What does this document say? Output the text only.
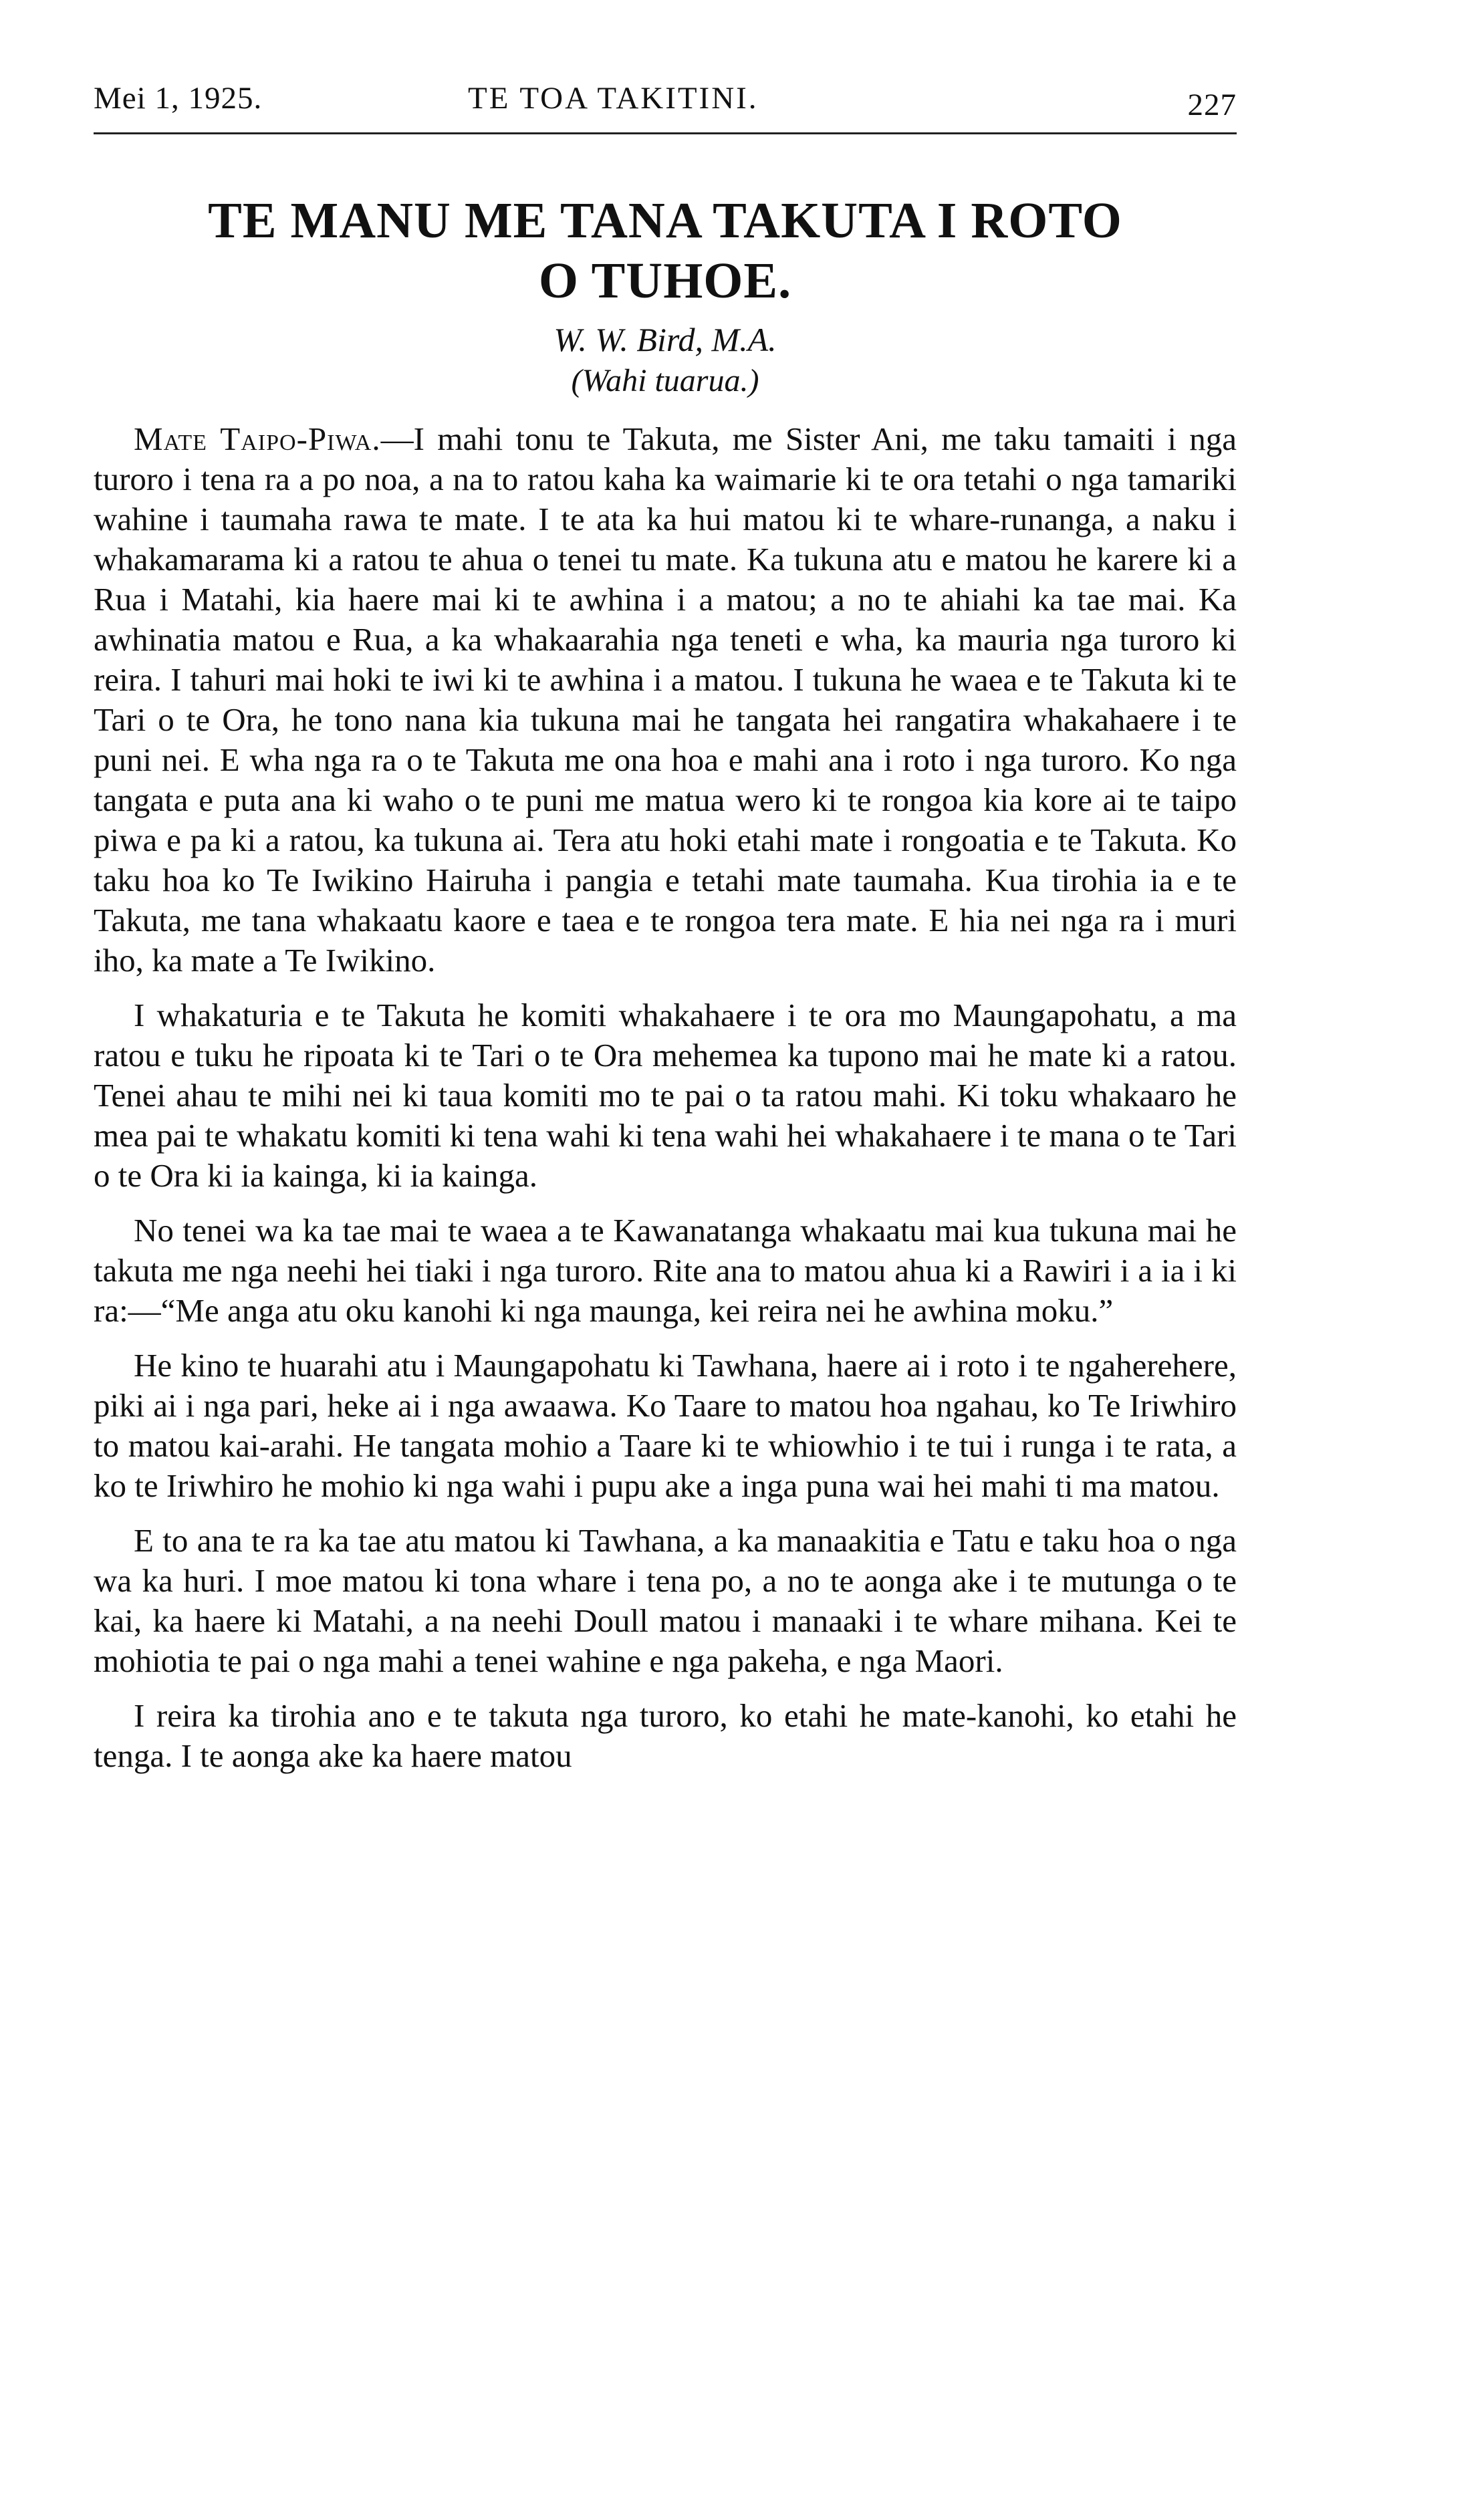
Mei 1, 1925.	TE TOA TAKITINI.	227
TE MANU ME TANA TAKUTA I ROTO
O TUHOE.
W. W. Bird, M.A.
(Wahi tuarua.)

Mate Taipo-Piwa.—I mahi tonu te Takuta, me Sister Ani, me taku tamaiti i nga turoro i tena ra a po noa, a na to ratou kaha ka waimarie ki te ora tetahi o nga tamariki wahine i taumaha rawa te mate. I te ata ka hui matou ki te whare-runanga, a naku i whakamarama ki a ratou te ahua o tenei tu mate. Ka tukuna atu e matou he karere ki a Rua i Matahi, kia haere mai ki te awhina i a matou; a no te ahiahi ka tae mai. Ka awhinatia matou e Rua, a ka whakaarahia nga teneti e wha, ka mauria nga turoro ki reira. I tahuri mai hoki te iwi ki te awhina i a matou. I tukuna he waea e te Takuta ki te Tari o te Ora, he tono nana kia tukuna mai he tangata hei rangatira whakahaere i te puni nei. E wha nga ra o te Takuta me ona hoa e mahi ana i roto i nga turoro. Ko nga tangata e puta ana ki waho o te puni me matua wero ki te rongoa kia kore ai te taipo piwa e pa ki a ratou, ka tukuna ai. Tera atu hoki etahi mate i rongoatia e te Takuta. Ko taku hoa ko Te Iwikino Hairuha i pangia e tetahi mate taumaha. Kua tirohia ia e te Takuta, me tana whakaatu kaore e taea e te rongoa tera mate. E hia nei nga ra i muri iho, ka mate a Te Iwikino.

I whakaturia e te Takuta he komiti whakahaere i te ora mo Maungapohatu, a ma ratou e tuku he ripoata ki te Tari o te Ora mehemea ka tupono mai he mate ki a ratou. Tenei ahau te mihi nei ki taua komiti mo te pai o ta ratou mahi. Ki toku whakaaro he mea pai te whakatu komiti ki tena wahi ki tena wahi hei whakahaere i te mana o te Tari o te Ora ki ia kainga, ki ia kainga.

No tenei wa ka tae mai te waea a te Kawanatanga whakaatu mai kua tukuna mai he takuta me nga neehi hei tiaki i nga turoro. Rite ana to matou ahua ki a Rawiri i a ia i ki ra:—“Me anga atu oku kanohi ki nga maunga, kei reira nei he awhina moku.”

He kino te huarahi atu i Maungapohatu ki Tawhana, haere ai i roto i te ngaherehere, piki ai i nga pari, heke ai i nga awaawa. Ko Taare to matou hoa ngahau, ko Te Iriwhiro to matou kai-arahi. He tangata mohio a Taare ki te whiowhio i te tui i runga i te rata, a ko te Iriwhiro he mohio ki nga wahi i pupu ake a inga puna wai hei mahi ti ma matou.

E to ana te ra ka tae atu matou ki Tawhana, a ka manaakitia e Tatu e taku hoa o nga wa ka huri. I moe matou ki tona whare i tena po, a no te aonga ake i te mutunga o te kai, ka haere ki Matahi, a na neehi Doull matou i manaaki i te whare mihana. Kei te mohiotia te pai o nga mahi a tenei wahine e nga pakeha, e nga Maori.

I reira ka tirohia ano e te takuta nga turoro, ko etahi he mate-kanohi, ko etahi he tenga. I te aonga ake ka haere matou
